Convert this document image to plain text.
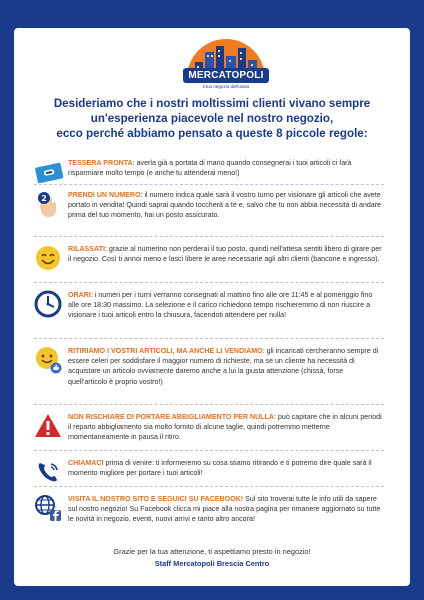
MERCATOPOLI
il tuo negozio dell'usato
Desideriamo che i nostri moltissimi clienti vivano sempre
un'esperienza piacevole nel nostro negozio,
ecco perché abbiamo pensato a queste 8 piccole regole:
TESSERA PRONTA: averla già a portata di mano quando consegnerai i tuoi articoli ci farà risparmiare molto tempo (e anche tu attenderai meno!)
2	PRENDI UN NUMERO: il numero indica quale sarà il vostro turno per visionare gli articoli che avete portato in vendita! Quindi saprai quando toccherà a te e, salvo che tu non abbia necessità di andare prima del tuo momento, hai un posto assicurato.
RILASSATI: grazie al numerino non perderai il tuo posto, quindi nell'attesa sentiti libero di girare per il negozio. Così ti annoi meno e lasci libere le aree necessarie agli altri clienti (bancone e ingresso).
ORARI: i numeri per i turni verranno consegnati al mattino fino alle ore 11:45 e al pomeriggio fino alle ore 18:30 massimo. La selezione e il carico richiedono tempo rischieremmo di non riuscire a visionare i tuoi articoli entro la chiusura, facendoti attendere per nulla!
RITIRIAMO I VOSTRI ARTICOLI, MA ANCHE LI VENDIAMO: gli incaricati cercheranno sempre di essere celeri per soddisfare il maggior numero di richieste, ma se un cliente ha necessità di acquistare un articolo ovviamente daremo anche a lui la giusta attenzione (chissà, forse quell'articolo è proprio vostro!)
NON RISCHIARE DI PORTARE ABBIGLIAMENTO PER NULLA: può capitare che in alcuni periodi il reparto abbigliamento sia molto fornito di alcune taglie, quindi potremmo metterne momentaneamente in pausa il ritiro.
CHIAMACI prima di venire: ti informeremo su cosa stiamo ritirando e ti potremo dire quale sarà il momento migliore per portare i tuoi articoli!
VISITA IL NOSTRO SITO E SEGUICI SU FACEBOOK! Sul sito troverai tutte le info utili da sapere sul nostro negozio! Su Facebook clicca mi piace alla nostra pagina per rimanere aggiornato su tutte le novità in negozio, eventi, nuovi arrivi e tanto altro ancora!
Grazie per la tua attenzione, ti aspettiamo presto in negozio!
Staff Mercatopoli Brescia Centro
